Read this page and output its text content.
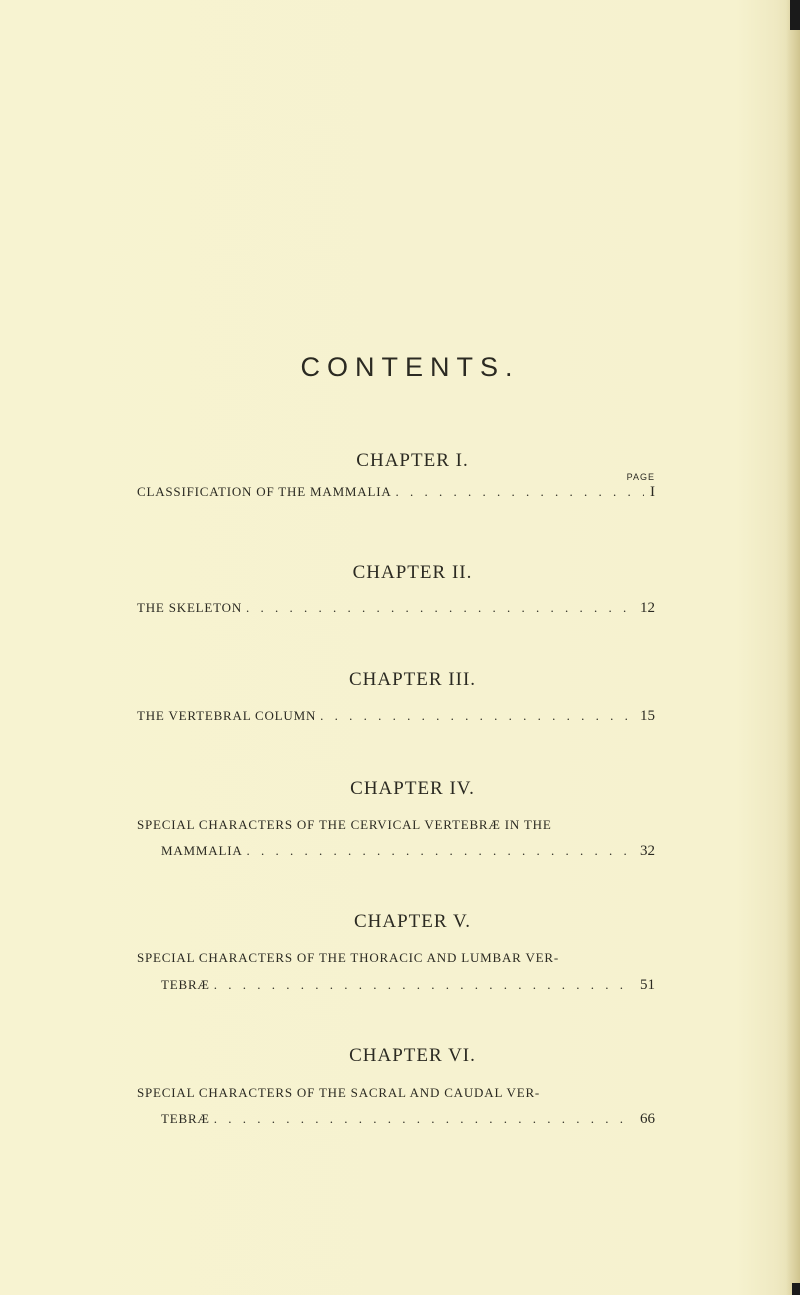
CONTENTS.
CHAPTER I.
PAGE
CLASSIFICATION OF THE MAMMALIA . . .	I
CHAPTER II.
THE SKELETON . . .	12
CHAPTER III.
THE VERTEBRAL COLUMN . . .	15
CHAPTER IV.
SPECIAL CHARACTERS OF THE CERVICAL VERTEBRÆ IN THE
MAMMALIA . . .	32
CHAPTER V.
SPECIAL CHARACTERS OF THE THORACIC AND LUMBAR VER-
TEBRÆ . . .	51
CHAPTER VI.
SPECIAL CHARACTERS OF THE SACRAL AND CAUDAL VER-
TEBRÆ . . .	66
